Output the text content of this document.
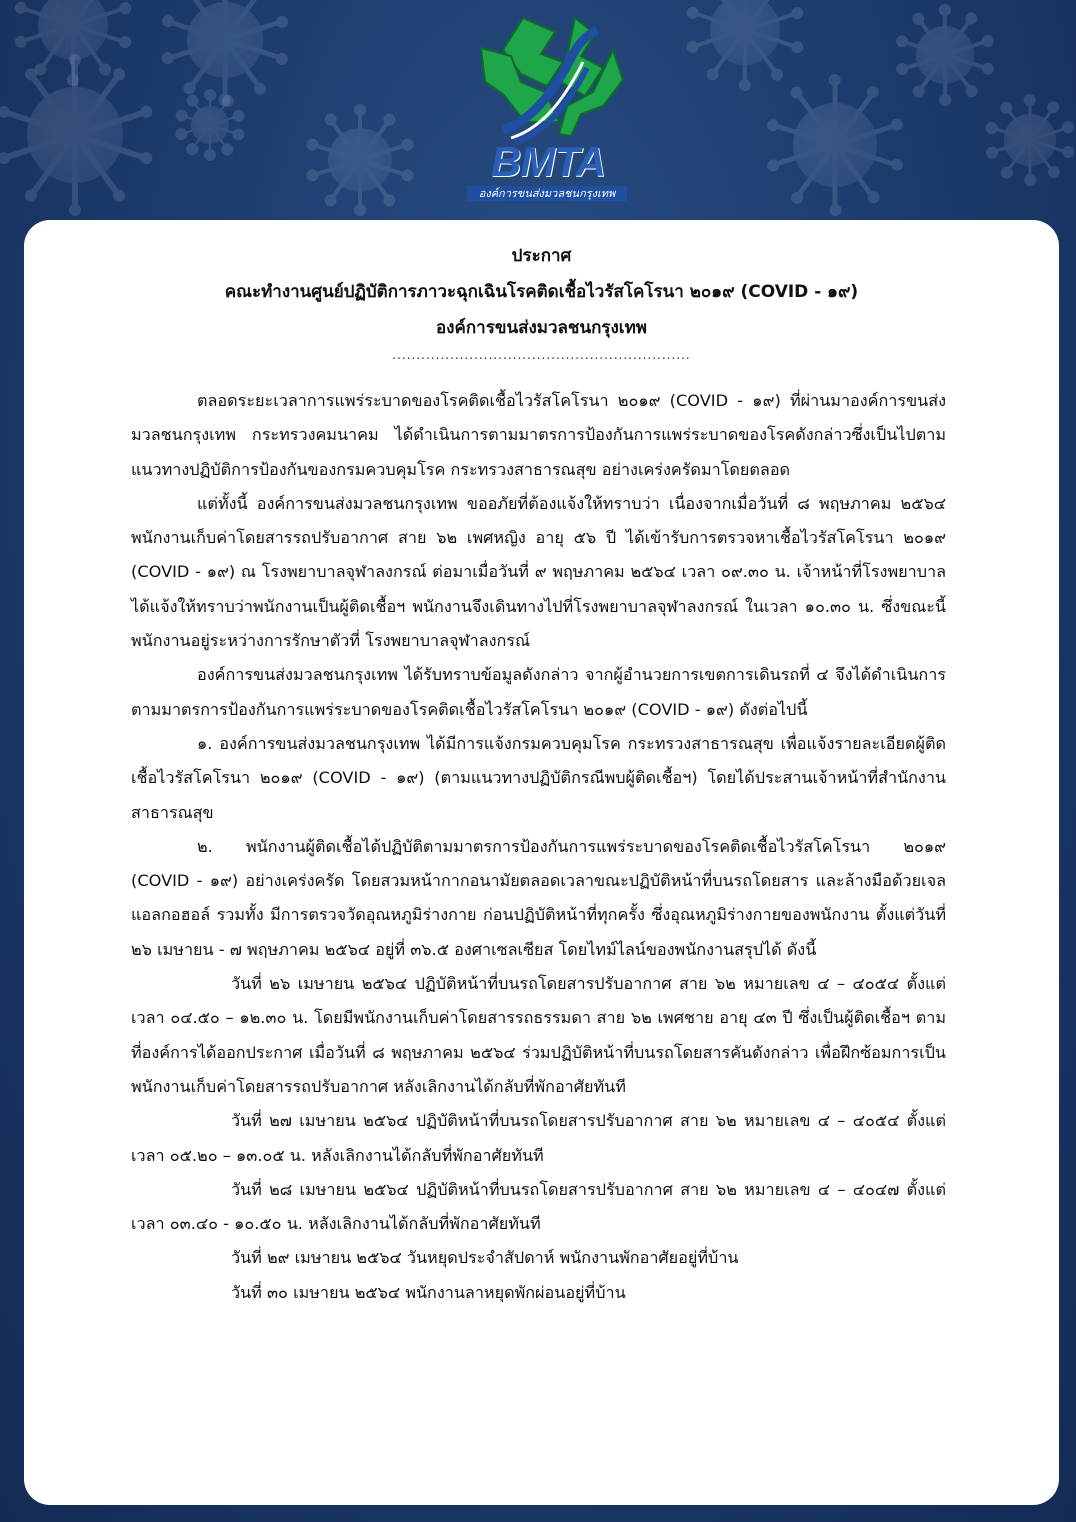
BMTA
องค์การขนส่งมวลชนกรุงเทพ
ประกาศ
คณะทำงานศูนย์ปฏิบัติการภาวะฉุกเฉินโรคติดเชื้อไวรัสโคโรนา ๒๐๑๙ (COVID - ๑๙)
องค์การขนส่งมวลชนกรุงเทพ
..............................................................

ตลอดระยะเวลาการแพร่ระบาดของโรคติดเชื้อไวรัสโคโรนา ๒๐๑๙ (COVID - ๑๙) ที่ผ่านมาองค์การขนส่งมวลชนกรุงเทพ กระทรวงคมนาคม ได้ดำเนินการตามมาตรการป้องกันการแพร่ระบาดของโรคดังกล่าวซึ่งเป็นไปตามแนวทางปฏิบัติการป้องกันของกรมควบคุมโรค กระทรวงสาธารณสุข อย่างเคร่งครัดมาโดยตลอด

แต่ทั้งนี้ องค์การขนส่งมวลชนกรุงเทพ ขออภัยที่ต้องแจ้งให้ทราบว่า เนื่องจากเมื่อวันที่ ๘ พฤษภาคม ๒๕๖๔ พนักงานเก็บค่าโดยสารรถปรับอากาศ สาย ๖๒ เพศหญิง อายุ ๕๖ ปี ได้เข้ารับการตรวจหาเชื้อไวรัสโคโรนา ๒๐๑๙ (COVID - ๑๙) ณ โรงพยาบาลจุฬาลงกรณ์ ต่อมาเมื่อวันที่ ๙ พฤษภาคม ๒๕๖๔ เวลา ๐๙.๓๐ น. เจ้าหน้าที่โรงพยาบาล ได้แจ้งให้ทราบว่าพนักงานเป็นผู้ติดเชื้อฯ พนักงานจึงเดินทางไปที่โรงพยาบาลจุฬาลงกรณ์ ในเวลา ๑๐.๓๐ น. ซึ่งขณะนี้พนักงานอยู่ระหว่างการรักษาตัวที่ โรงพยาบาลจุฬาลงกรณ์

องค์การขนส่งมวลชนกรุงเทพ ได้รับทราบข้อมูลดังกล่าว จากผู้อำนวยการเขตการเดินรถที่ ๔ จึงได้ดำเนินการตามมาตรการป้องกันการแพร่ระบาดของโรคติดเชื้อไวรัสโคโรนา ๒๐๑๙ (COVID - ๑๙) ดังต่อไปนี้

๑. องค์การขนส่งมวลชนกรุงเทพ ได้มีการแจ้งกรมควบคุมโรค กระทรวงสาธารณสุข เพื่อแจ้งรายละเอียดผู้ติดเชื้อไวรัสโคโรนา ๒๐๑๙ (COVID - ๑๙) (ตามแนวทางปฏิบัติกรณีพบผู้ติดเชื้อฯ) โดยได้ประสานเจ้าหน้าที่สำนักงานสาธารณสุข

๒. พนักงานผู้ติดเชื้อได้ปฏิบัติตามมาตรการป้องกันการแพร่ระบาดของโรคติดเชื้อไวรัสโคโรนา ๒๐๑๙ (COVID - ๑๙) อย่างเคร่งครัด โดยสวมหน้ากากอนามัยตลอดเวลาขณะปฏิบัติหน้าที่บนรถโดยสาร และล้างมือด้วยเจลแอลกอฮอล์ รวมทั้ง มีการตรวจวัดอุณหภูมิร่างกาย ก่อนปฏิบัติหน้าที่ทุกครั้ง ซึ่งอุณหภูมิร่างกายของพนักงาน ตั้งแต่วันที่ ๒๖ เมษายน - ๗ พฤษภาคม ๒๕๖๔ อยู่ที่ ๓๖.๕ องศาเซลเซียส โดยไทม์ไลน์ของพนักงานสรุปได้ ดังนี้

วันที่ ๒๖ เมษายน ๒๕๖๔ ปฏิบัติหน้าที่บนรถโดยสารปรับอากาศ สาย ๖๒ หมายเลข ๔ – ๔๐๕๔ ตั้งแต่เวลา ๐๔.๕๐ – ๑๒.๓๐ น. โดยมีพนักงานเก็บค่าโดยสารรถธรรมดา สาย ๖๒ เพศชาย อายุ ๔๓ ปี ซึ่งเป็นผู้ติดเชื้อฯ ตามที่องค์การได้ออกประกาศ เมื่อวันที่ ๘ พฤษภาคม ๒๕๖๔ ร่วมปฏิบัติหน้าที่บนรถโดยสารคันดังกล่าว เพื่อฝึกซ้อมการเป็นพนักงานเก็บค่าโดยสารรถปรับอากาศ หลังเลิกงานได้กลับที่พักอาศัยทันที

วันที่ ๒๗ เมษายน ๒๕๖๔ ปฏิบัติหน้าที่บนรถโดยสารปรับอากาศ สาย ๖๒ หมายเลข ๔ – ๔๐๕๔ ตั้งแต่เวลา ๐๕.๒๐ – ๑๓.๐๕ น. หลังเลิกงานได้กลับที่พักอาศัยทันที

วันที่ ๒๘ เมษายน ๒๕๖๔ ปฏิบัติหน้าที่บนรถโดยสารปรับอากาศ สาย ๖๒ หมายเลข ๔ – ๔๐๔๗ ตั้งแต่เวลา ๐๓.๔๐ - ๑๐.๕๐ น. หลังเลิกงานได้กลับที่พักอาศัยทันที

วันที่ ๒๙ เมษายน ๒๕๖๔ วันหยุดประจำสัปดาห์ พนักงานพักอาศัยอยู่ที่บ้าน

วันที่ ๓๐ เมษายน ๒๕๖๔ พนักงานลาหยุดพักผ่อนอยู่ที่บ้าน
